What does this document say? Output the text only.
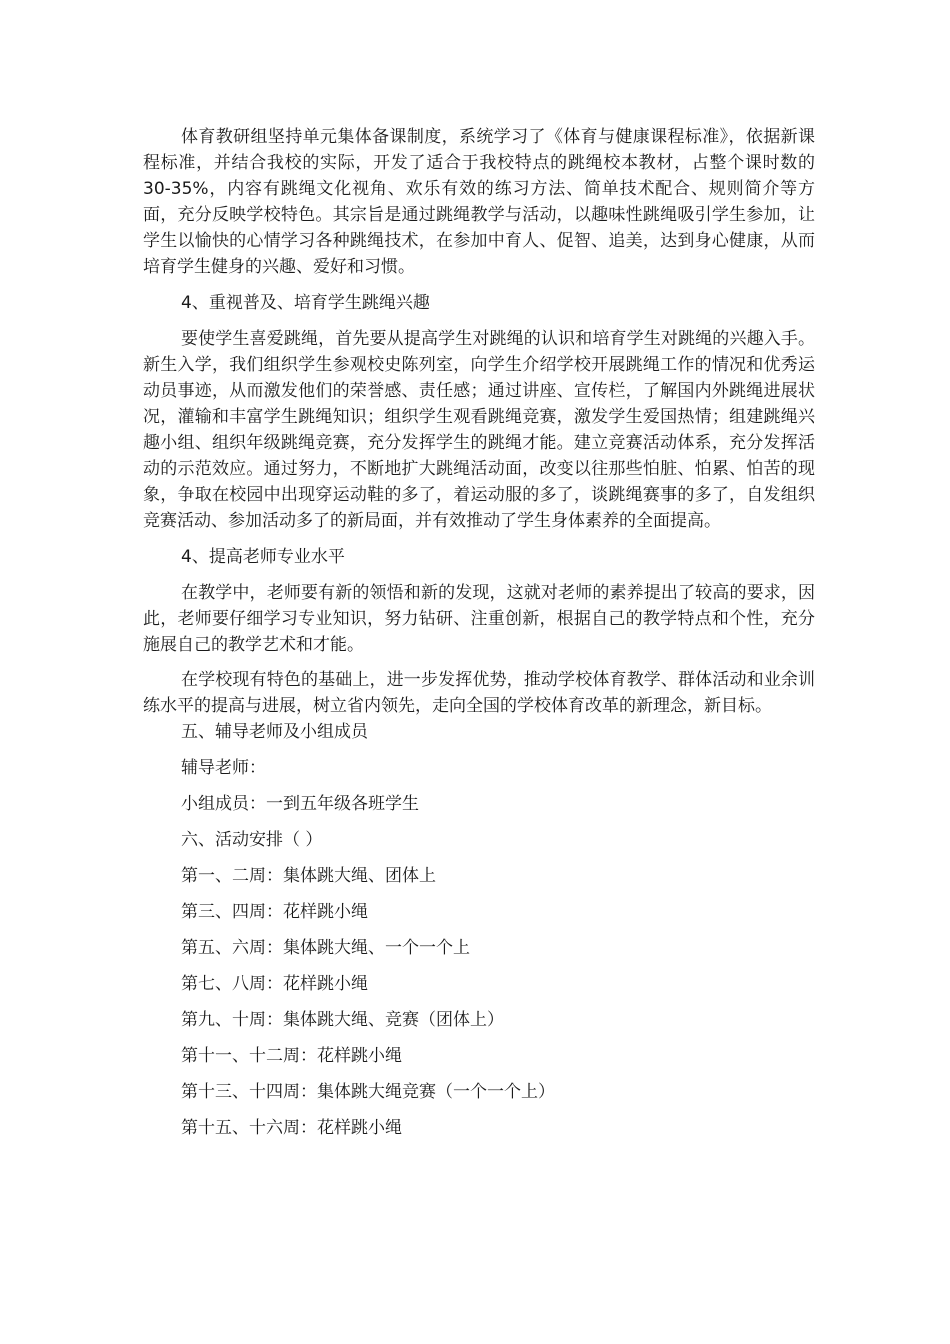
体育教研组坚持单元集体备课制度，系统学习了《体育与健康课程标准》，依据新课程标准，并结合我校的实际，开发了适合于我校特点的跳绳校本教材，占整个课时数的30-35%，内容有跳绳文化视角、欢乐有效的练习方法、简单技术配合、规则简介等方面，充分反映学校特色。其宗旨是通过跳绳教学与活动，以趣味性跳绳吸引学生参加，让学生以愉快的心情学习各种跳绳技术，在参加中育人、促智、追美，达到身心健康，从而培育学生健身的兴趣、爱好和习惯。

4、重视普及、培育学生跳绳兴趣

要使学生喜爱跳绳，首先要从提高学生对跳绳的认识和培育学生对跳绳的兴趣入手。新生入学，我们组织学生参观校史陈列室，向学生介绍学校开展跳绳工作的情况和优秀运动员事迹，从而激发他们的荣誉感、责任感；通过讲座、宣传栏，了解国内外跳绳进展状况，灌输和丰富学生跳绳知识；组织学生观看跳绳竞赛，激发学生爱国热情；组建跳绳兴趣小组、组织年级跳绳竞赛，充分发挥学生的跳绳才能。建立竞赛活动体系，充分发挥活动的示范效应。通过努力，不断地扩大跳绳活动面，改变以往那些怕脏、怕累、怕苦的现象，争取在校园中出现穿运动鞋的多了，着运动服的多了，谈跳绳赛事的多了，自发组织竞赛活动、参加活动多了的新局面，并有效推动了学生身体素养的全面提高。

4、提高老师专业水平

在教学中，老师要有新的领悟和新的发现，这就对老师的素养提出了较高的要求，因此，老师要仔细学习专业知识，努力钻研、注重创新，根据自己的教学特点和个性，充分施展自己的教学艺术和才能。

在学校现有特色的基础上，进一步发挥优势，推动学校体育教学、群体活动和业余训练水平的提高与进展，树立省内领先，走向全国的学校体育改革的新理念，新目标。

五、辅导老师及小组成员

辅导老师：

小组成员：一到五年级各班学生

六、活动安排（ ）

第一、二周：集体跳大绳、团体上

第三、四周：花样跳小绳

第五、六周：集体跳大绳、一个一个上

第七、八周：花样跳小绳

第九、十周：集体跳大绳、竞赛（团体上）

第十一、十二周：花样跳小绳

第十三、十四周：集体跳大绳竞赛（一个一个上）

第十五、十六周：花样跳小绳
